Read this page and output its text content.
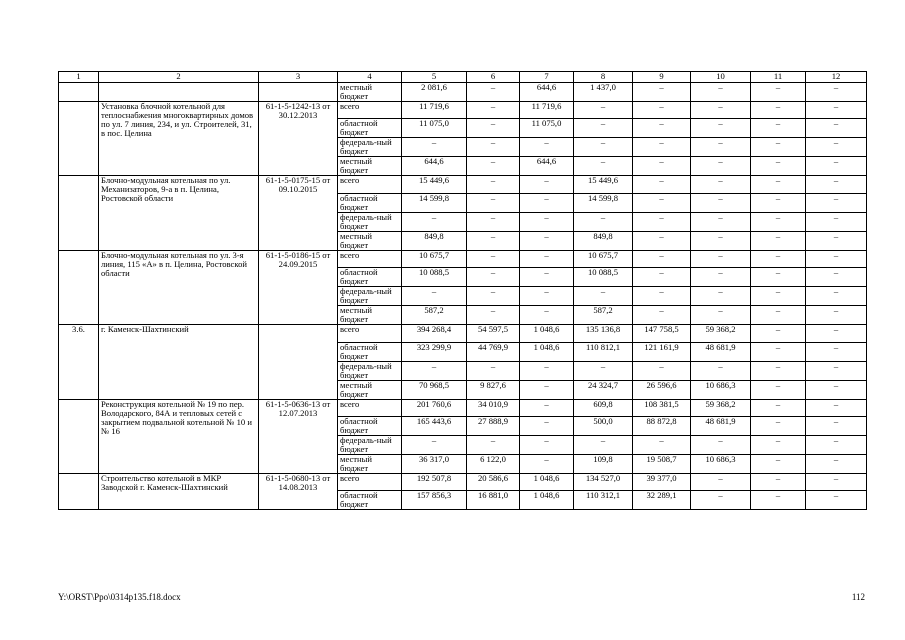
1	2	3	4	5	6	7	8	9	10	11	12
			местный бюджет	2 081,6	–	644,6	1 437,0	–	–	–	–
	Установка блочной котельной для теплоснабжения многоквартирных домов по ул. 7 линия, 234, и ул. Строителей, 31, в пос. Целина	61-1-5-1242-13 от 30.12.2013	всего	11 719,6	–	11 719,6	–	–	–	–	–
			областной бюджет	11 075,0	–	11 075,0	–	–	–	–	–
			федераль-ный бюджет	–	–	–	–	–	–	–	–
			местный бюджет	644,6	–	644,6	–	–	–	–	–
	Блочно-модульная котельная по ул. Механизаторов, 9-а в п. Целина, Ростовской области	61-1-5-0175-15 от 09.10.2015	всего	15 449,6	–	–	15 449,6	–	–	–	–
			областной бюджет	14 599,8	–	–	14 599,8	–	–	–	–
			федераль-ный бюджет	–	–	–	–	–	–	–	–
			местный бюджет	849,8	–	–	849,8	–	–	–	–
	Блочно-модульная котельная по ул. 3-я линия, 115 «А» в п. Целина, Ростовской области	61-1-5-0186-15 от 24.09.2015	всего	10 675,7	–	–	10 675,7	–	–	–	–
			областной бюджет	10 088,5	–	–	10 088,5	–	–	–	–
			федераль-ный бюджет	–	–	–	–	–	–	–	–
			местный бюджет	587,2	–	–	587,2	–	–	–	–
3.6.	г. Каменск-Шахтинский		всего	394 268,4	54 597,5	1 048,6	135 136,8	147 758,5	59 368,2	–	–
			областной бюджет	323 299,9	44 769,9	1 048,6	110 812,1	121 161,9	48 681,9	–	–
			федераль-ный бюджет	–	–	–	–	–	–	–	–
			местный бюджет	70 968,5	9 827,6	–	24 324,7	26 596,6	10 686,3	–	–
	Реконструкция котельной № 19 по пер. Володарского, 84А и тепловых сетей с закрытием подвальной котельной № 10 и № 16	61-1-5-0636-13 от 12.07.2013	всего	201 760,6	34 010,9	–	609,8	108 381,5	59 368,2	–	–
			областной бюджет	165 443,6	27 888,9	–	500,0	88 872,8	48 681,9	–	–
			федераль-ный бюджет	–	–	–	–	–	–	–	–
			местный бюджет	36 317,0	6 122,0	–	109,8	19 508,7	10 686,3	–	–
	Строительство котельной в МКР Заводской г. Каменск-Шахтинский	61-1-5-0680-13 от 14.08.2013	всего	192 507,8	20 586,6	1 048,6	134 527,0	39 377,0	–	–	–
			областной бюджет	157 856,3	16 881,0	1 048,6	110 312,1	32 289,1	–	–	–
Y:\ORST\Ppo\0314p135.f18.docx	112
